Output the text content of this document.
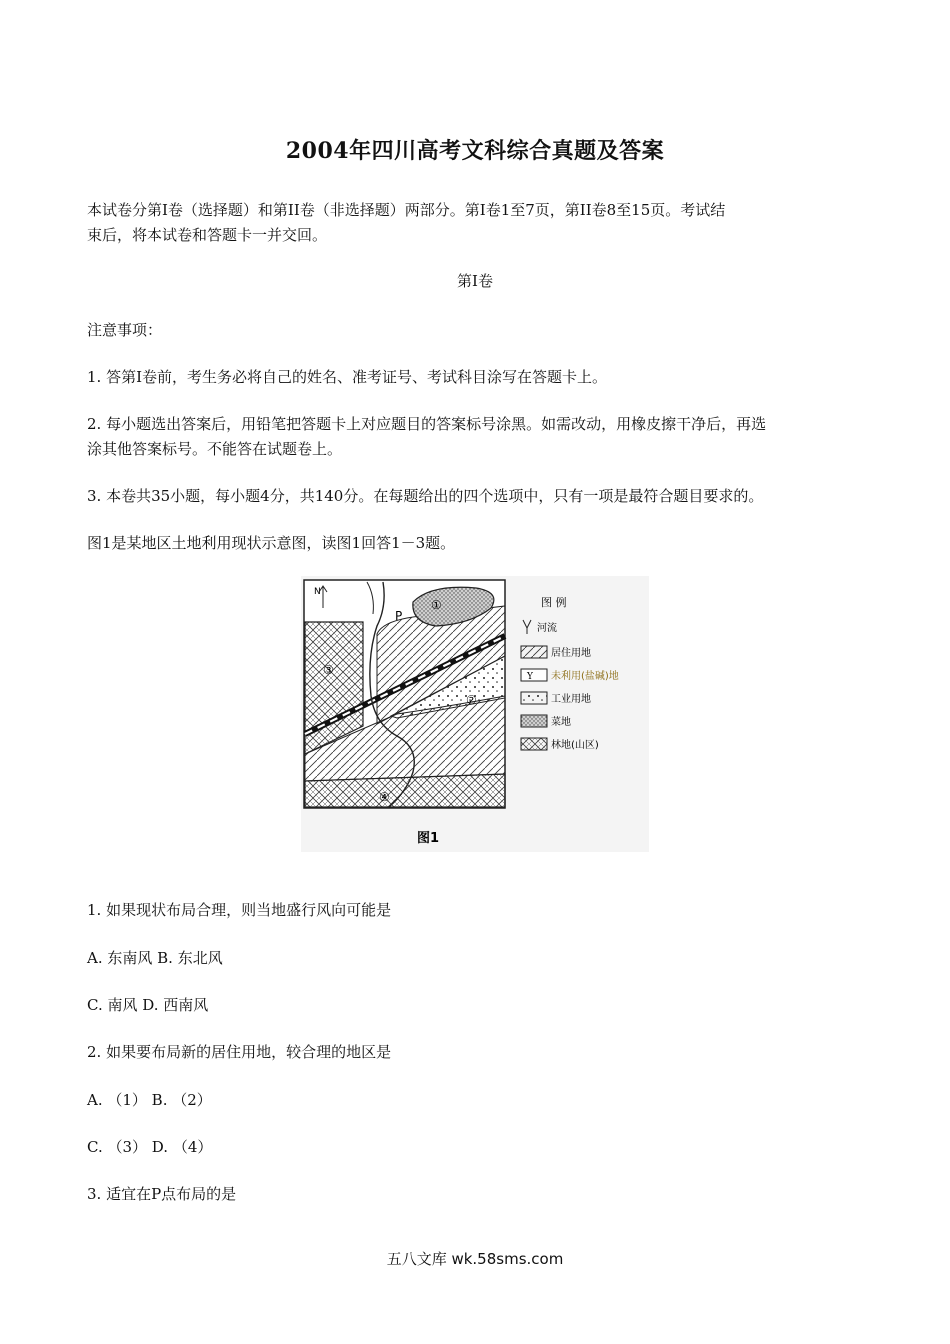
2004年四川高考文科综合真题及答案
本试卷分第I卷（选择题）和第II卷（非选择题）两部分。第I卷1至7页，第II卷8至15页。考试结
束后，将本试卷和答题卡一并交回。
第I卷
注意事项：
1. 答第I卷前，考生务必将自己的姓名、准考证号、考试科目涂写在答题卡上。
2. 每小题选出答案后，用铅笔把答题卡上对应题目的答案标号涂黑。如需改动，用橡皮擦干净后，再选
涂其他答案标号。不能答在试题卷上。
3. 本卷共35小题，每小题4分，共140分。在每题给出的四个选项中，只有一项是最符合题目要求的。
图1是某地区土地利用现状示意图，读图1回答1－3题。
N
P
①
②
③
④
图 例
河流
居住用地
Y 未利用(盐碱)地
工业用地
菜地
林地(山区)
图1
1. 如果现状布局合理，则当地盛行风向可能是
A. 东南风 B. 东北风
C. 南风 D. 西南风
2. 如果要布局新的居住用地，较合理的地区是
A. （1） B. （2）
C. （3） D. （4）
3. 适宜在P点布局的是
五八文库 wk.58sms.com
